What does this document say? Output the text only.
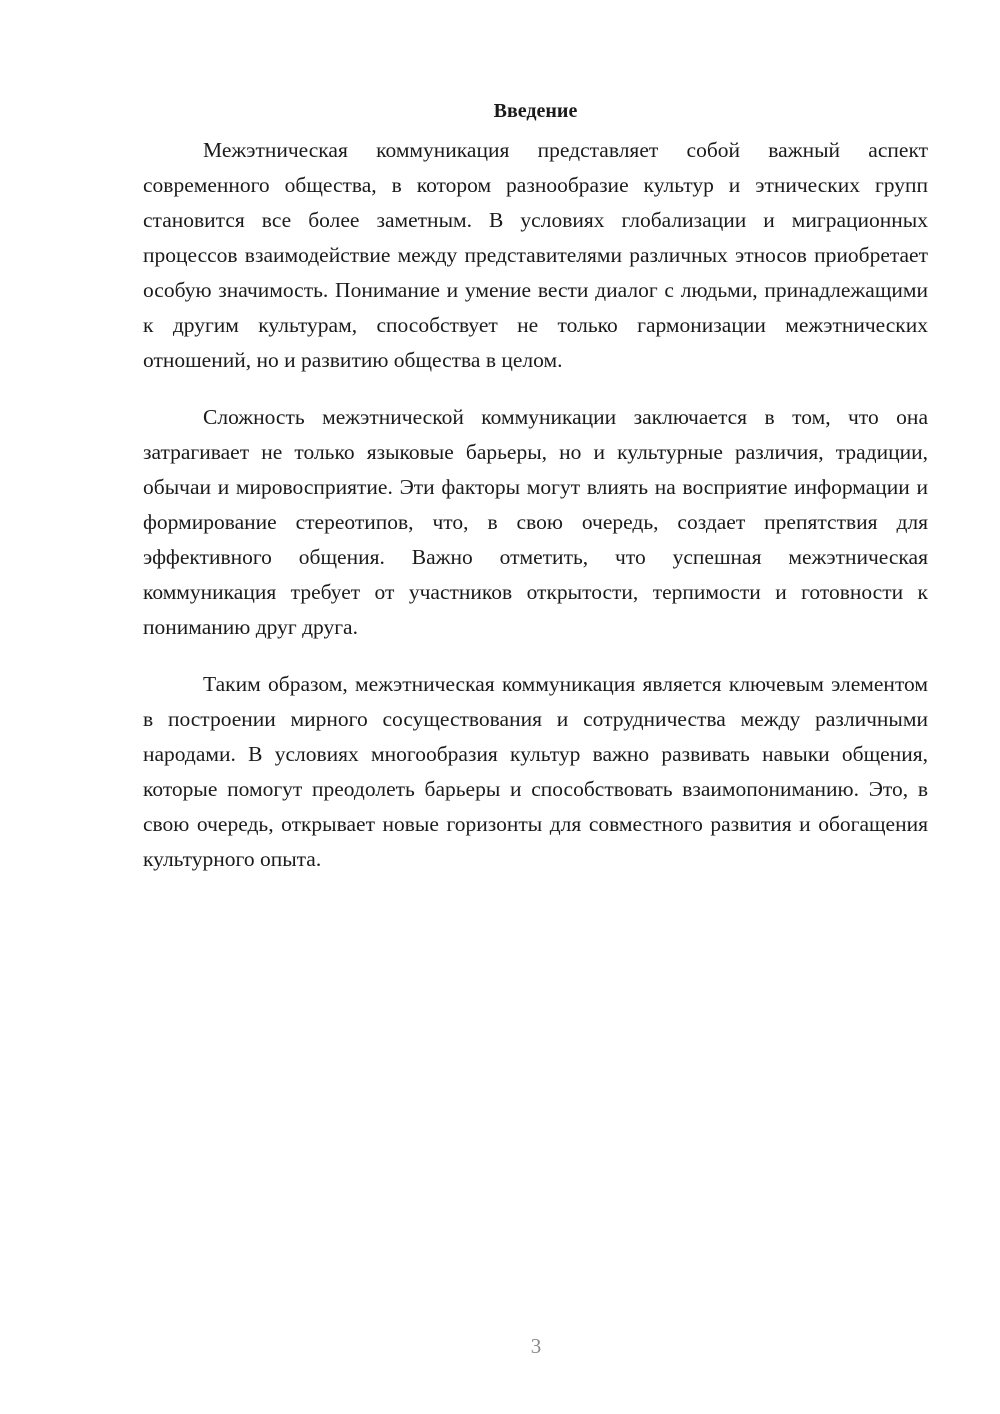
Введение

Межэтническая коммуникация представляет собой важный аспект современного общества, в котором разнообразие культур и этнических групп становится все более заметным. В условиях глобализации и миграционных процессов взаимодействие между представителями различных этносов приобретает особую значимость. Понимание и умение вести диалог с людьми, принадлежащими к другим культурам, способствует не только гармонизации межэтнических отношений, но и развитию общества в целом.

Сложность межэтнической коммуникации заключается в том, что она затрагивает не только языковые барьеры, но и культурные различия, традиции, обычаи и мировосприятие. Эти факторы могут влиять на восприятие информации и формирование стереотипов, что, в свою очередь, создает препятствия для эффективного общения. Важно отметить, что успешная межэтническая коммуникация требует от участников открытости, терпимости и готовности к пониманию друг друга.

Таким образом, межэтническая коммуникация является ключевым элементом в построении мирного сосуществования и сотрудничества между различными народами. В условиях многообразия культур важно развивать навыки общения, которые помогут преодолеть барьеры и способствовать взаимопониманию. Это, в свою очередь, открывает новые горизонты для совместного развития и обогащения культурного опыта.

3
